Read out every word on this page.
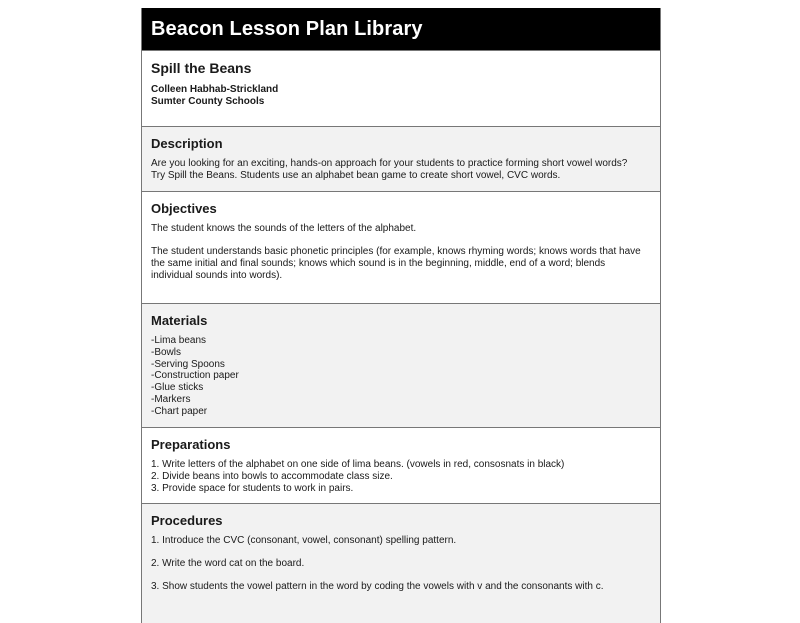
Beacon Lesson Plan Library
Spill the Beans
Colleen Habhab-Strickland
Sumter County Schools
Description
Are you looking for an exciting, hands-on approach for your students to practice forming short vowel words?
Try Spill the Beans. Students use an alphabet bean game to create short vowel, CVC words.
Objectives
The student knows the sounds of the letters of the alphabet.
The student understands basic phonetic principles (for example, knows rhyming words; knows words that have the same initial and final sounds; knows which sound is in the beginning, middle, end of a word; blends individual sounds into words).
Materials
-Lima beans
-Bowls
-Serving Spoons
-Construction paper
-Glue sticks
-Markers
-Chart paper
Preparations
1. Write letters of the alphabet on one side of lima beans. (vowels in red, consosnats in black)
2. Divide beans into bowls to accommodate class size.
3. Provide space for students to work in pairs.
Procedures
1. Introduce the CVC (consonant, vowel, consonant) spelling pattern.
2. Write the word cat on the board.
3. Show students the vowel pattern in the word by coding the vowels with v and the consonants with c.
